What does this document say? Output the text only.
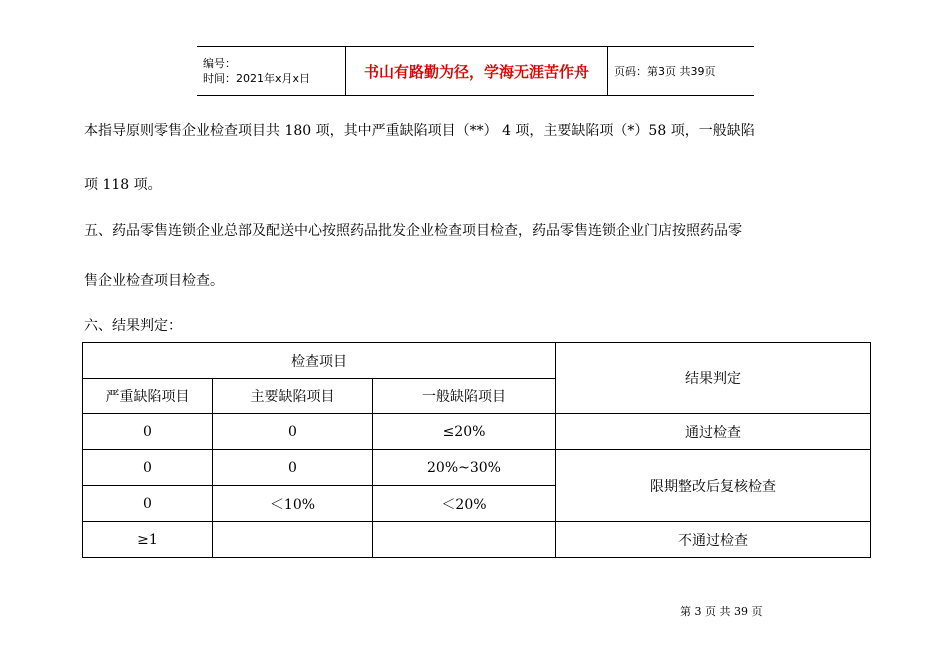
编号：
时间：2021年x月x日	书山有路勤为径，学海无涯苦作舟	页码：第3页 共39页

本指导原则零售企业检查项目共 180 项，其中严重缺陷项目（**） 4 项，主要缺陷项（*）58 项，一般缺陷

项 118 项。

五、药品零售连锁企业总部及配送中心按照药品批发企业检查项目检查，药品零售连锁企业门店按照药品零

售企业检查项目检查。

六、结果判定：

检查项目			结果判定
严重缺陷项目	主要缺陷项目	一般缺陷项目	
0	0	≤20%	通过检查
0	0	20%~30%	限期整改后复核检查
0	＜10%	＜20%	
≥1			不通过检查
第 3 页 共 39 页
